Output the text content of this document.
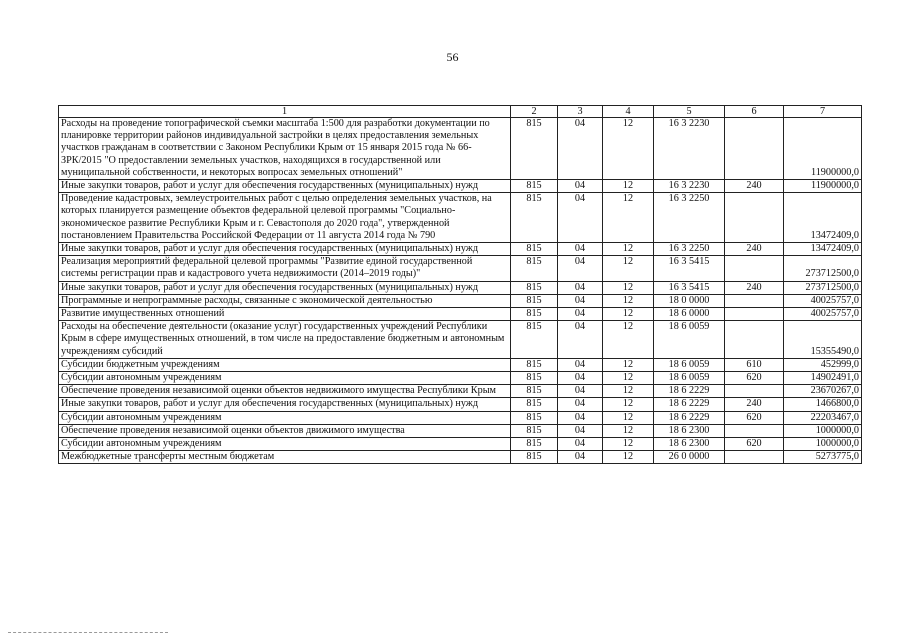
56
1	2	3	4	5	6	7
Расходы на проведение топографической съемки масштаба 1:500 для разработки документации по планировке территории районов индивидуальной застройки в целях предоставления земельных участков гражданам в соответствии с Законом Республики Крым от 15 января 2015 года № 66-ЗРК/2015 "О предоставлении земельных участков, находящихся в государственной или муниципальной собственности, и некоторых вопросах земельных отношений"	815	04	12	16 3 2230		11900000,0
Иные закупки товаров, работ и услуг для обеспечения государственных (муниципальных) нужд	815	04	12	16 3 2230	240	11900000,0
Проведение кадастровых, землеустроительных работ с целью определения земельных участков, на которых планируется размещение объектов федеральной целевой программы "Социально-экономическое развитие Республики Крым и г. Севастополя до 2020 года", утвержденной постановлением Правительства Российской Федерации от 11 августа 2014 года № 790	815	04	12	16 3 2250		13472409,0
Иные закупки товаров, работ и услуг для обеспечения государственных (муниципальных) нужд	815	04	12	16 3 2250	240	13472409,0
Реализация мероприятий федеральной целевой программы "Развитие единой государственной системы регистрации прав и кадастрового учета недвижимости (2014–2019 годы)"	815	04	12	16 3 5415		273712500,0
Иные закупки товаров, работ и услуг для обеспечения государственных (муниципальных) нужд	815	04	12	16 3 5415	240	273712500,0
Программные и непрограммные расходы, связанные с экономической деятельностью	815	04	12	18 0 0000		40025757,0
Развитие имущественных отношений	815	04	12	18 6 0000		40025757,0
Расходы на обеспечение деятельности (оказание услуг) государственных учреждений Республики Крым в сфере имущественных отношений, в том числе на предоставление бюджетным и автономным учреждениям субсидий	815	04	12	18 6 0059		15355490,0
Субсидии бюджетным учреждениям	815	04	12	18 6 0059	610	452999,0
Субсидии автономным учреждениям	815	04	12	18 6 0059	620	14902491,0
Обеспечение проведения независимой оценки объектов недвижимого имущества Республики Крым	815	04	12	18 6 2229		23670267,0
Иные закупки товаров, работ и услуг для обеспечения государственных (муниципальных) нужд	815	04	12	18 6 2229	240	1466800,0
Субсидии автономным учреждениям	815	04	12	18 6 2229	620	22203467,0
Обеспечение проведения независимой оценки объектов движимого имущества	815	04	12	18 6 2300		1000000,0
Субсидии автономным учреждениям	815	04	12	18 6 2300	620	1000000,0
Межбюджетные трансферты местным бюджетам	815	04	12	26 0 0000		5273775,0
